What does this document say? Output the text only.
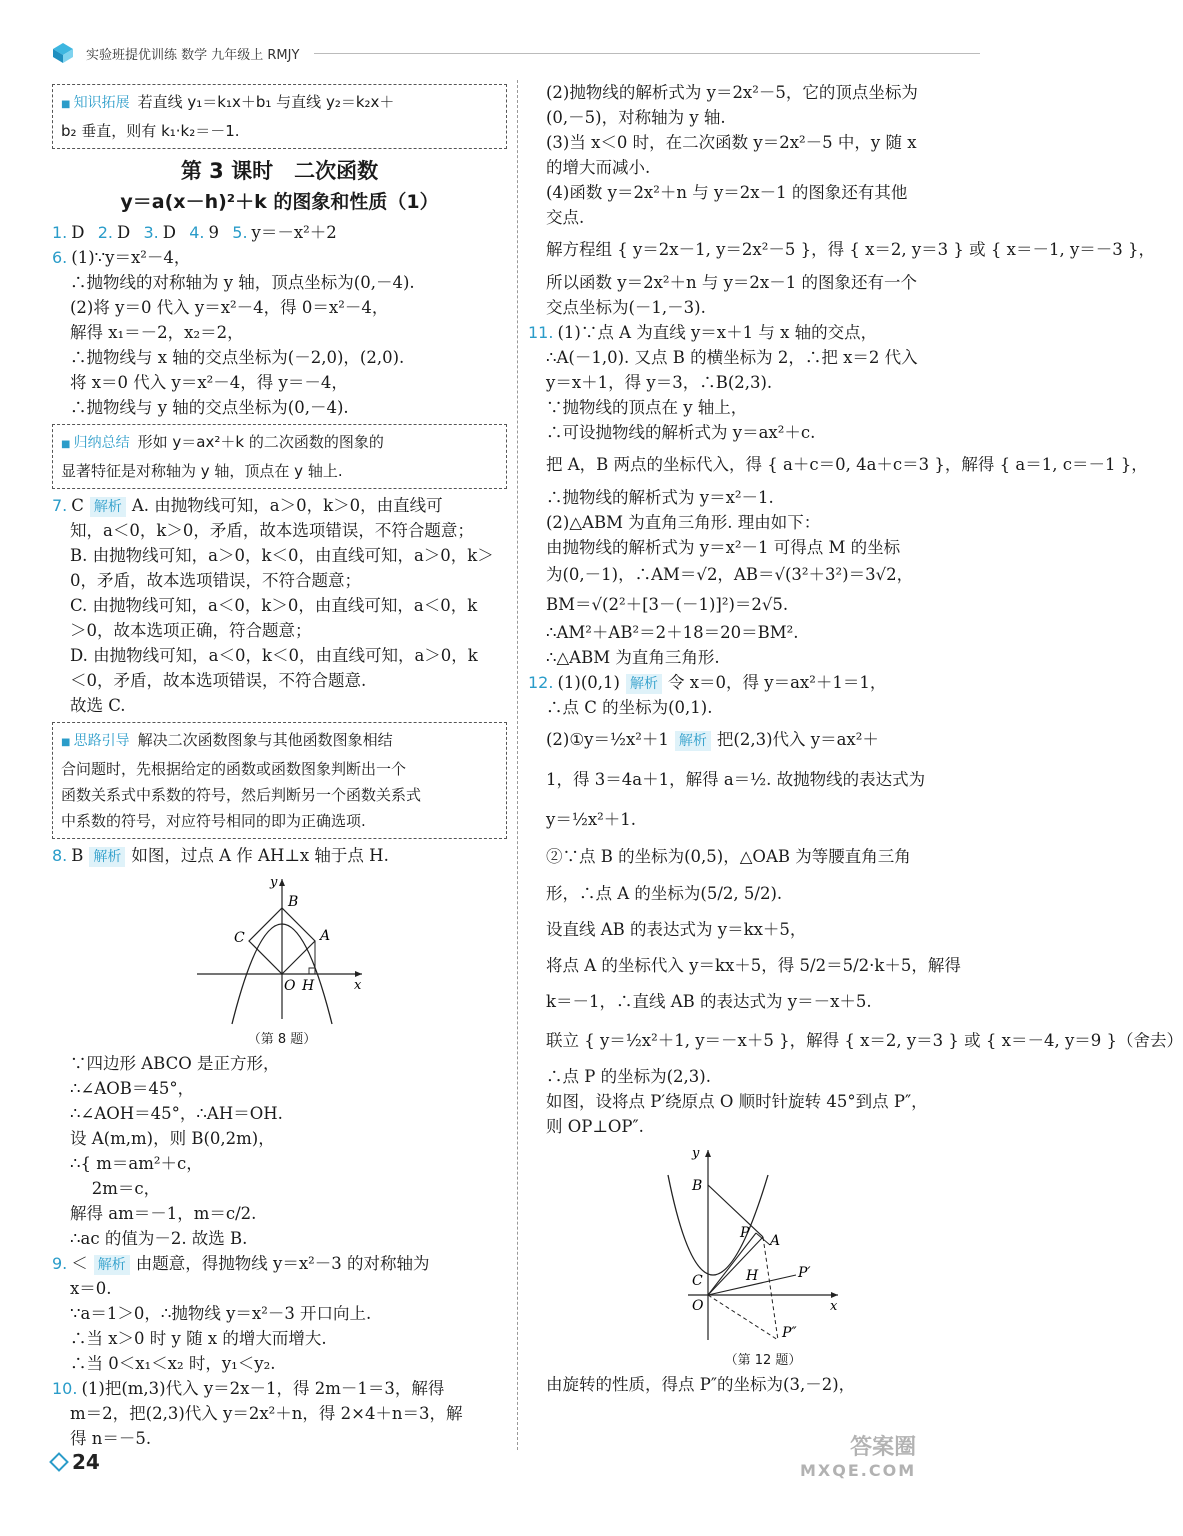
实验班提优训练 数学 九年级上 RMJY

■ 知识拓展 若直线 y₁＝k₁x＋b₁ 与直线 y₂＝k₂x＋

b₂ 垂直，则有 k₁·k₂＝－1.

第 3 课时　二次函数
y＝a(x－h)²＋k 的图象和性质（1）

1. D 2. D 3. D 4. 9 5. y＝－x²＋2

6. (1)∵y＝x²－4，

∴抛物线的对称轴为 y 轴，顶点坐标为(0,－4).

(2)将 y＝0 代入 y＝x²－4，得 0＝x²－4，

解得 x₁＝－2，x₂＝2，

∴抛物线与 x 轴的交点坐标为(－2,0)，(2,0).

将 x＝0 代入 y＝x²－4，得 y＝－4，

∴抛物线与 y 轴的交点坐标为(0,－4).

■ 归纳总结 形如 y＝ax²＋k 的二次函数的图象的

显著特征是对称轴为 y 轴，顶点在 y 轴上.

7. C 解析 A. 由抛物线可知，a＞0，k＞0，由直线可

知，a＜0，k＞0，矛盾，故本选项错误，不符合题意；

B. 由抛物线可知，a＞0，k＜0，由直线可知，a＞0，k＞

0，矛盾，故本选项错误，不符合题意；

C. 由抛物线可知，a＜0，k＞0，由直线可知，a＜0，k

＞0，故本选项正确，符合题意；

D. 由抛物线可知，a＜0，k＜0，由直线可知，a＞0，k

＜0，矛盾，故本选项错误，不符合题意.

故选 C.

■ 思路引导 解决二次函数图象与其他函数图象相结

合问题时，先根据给定的函数或函数图象判断出一个

函数关系式中系数的符号，然后判断另一个函数关系式

中系数的符号，对应符号相同的即为正确选项.

8. B 解析 如图，过点 A 作 AH⊥x 轴于点 H.

y
B
C	A
O H	x
（第 8 题）

∵四边形 ABCO 是正方形，

∴∠AOB＝45°，

∴∠AOH＝45°，∴AH＝OH.

设 A(m,m)，则 B(0,2m)，

∴{ m＝am²＋c，

　 2m＝c，

解得 am＝－1，m＝c/2.

∴ac 的值为－2. 故选 B.

9. ＜ 解析 由题意，得抛物线 y＝x²－3 的对称轴为

x＝0.

∵a＝1＞0，∴抛物线 y＝x²－3 开口向上.

∴当 x＞0 时 y 随 x 的增大而增大.

∴当 0＜x₁＜x₂ 时，y₁＜y₂.

10. (1)把(m,3)代入 y＝2x－1，得 2m－1＝3，解得

m＝2，把(2,3)代入 y＝2x²＋n，得 2×4＋n＝3，解

得 n＝－5.

(2)抛物线的解析式为 y＝2x²－5，它的顶点坐标为

(0,－5)，对称轴为 y 轴.

(3)当 x＜0 时，在二次函数 y＝2x²－5 中，y 随 x

的增大而减小.

(4)函数 y＝2x²＋n 与 y＝2x－1 的图象还有其他

交点.

解方程组 { y＝2x－1, y＝2x²－5 }，得 { x＝2, y＝3 } 或 { x＝－1, y＝－3 }，

所以函数 y＝2x²＋n 与 y＝2x－1 的图象还有一个

交点坐标为(－1,－3).

11. (1)∵点 A 为直线 y＝x＋1 与 x 轴的交点，

∴A(－1,0). 又点 B 的横坐标为 2，∴把 x＝2 代入

y＝x＋1，得 y＝3，∴B(2,3).

∵抛物线的顶点在 y 轴上，

∴可设抛物线的解析式为 y＝ax²＋c.

把 A，B 两点的坐标代入，得 { a＋c＝0, 4a＋c＝3 }，解得 { a＝1, c＝－1 }，

∴抛物线的解析式为 y＝x²－1.

(2)△ABM 为直角三角形. 理由如下：

由抛物线的解析式为 y＝x²－1 可得点 M 的坐标

为(0,－1)，∴AM＝√2，AB＝√(3²＋3²)＝3√2，

BM＝√(2²＋[3－(－1)]²)＝2√5.

∴AM²＋AB²＝2＋18＝20＝BM².

∴△ABM 为直角三角形.

12. (1)(0,1) 解析 令 x＝0，得 y＝ax²＋1＝1，

∴点 C 的坐标为(0,1).

(2)①y＝½x²＋1 解析 把(2,3)代入 y＝ax²＋

1，得 3＝4a＋1，解得 a＝½. 故抛物线的表达式为

y＝½x²＋1.

②∵点 B 的坐标为(0,5)，△OAB 为等腰直角三角

形，∴点 A 的坐标为(5/2, 5/2).

设直线 AB 的表达式为 y＝kx＋5，

将点 A 的坐标代入 y＝kx＋5，得 5/2＝5/2·k＋5，解得

k＝－1，∴直线 AB 的表达式为 y＝－x＋5.

联立 { y＝½x²＋1, y＝－x＋5 }，解得 { x＝2, y＝3 } 或 { x＝－4, y＝9 }（舍去）

∴点 P 的坐标为(2,3).

如图，设将点 P′绕原点 O 顺时针旋转 45°到点 P″，

则 OP⊥OP″.

y
B
P A
C	H	P′
O	x
P″
（第 12 题）

由旋转的性质，得点 P″的坐标为(3,－2)，

24
答案圈
MXQE.COM
